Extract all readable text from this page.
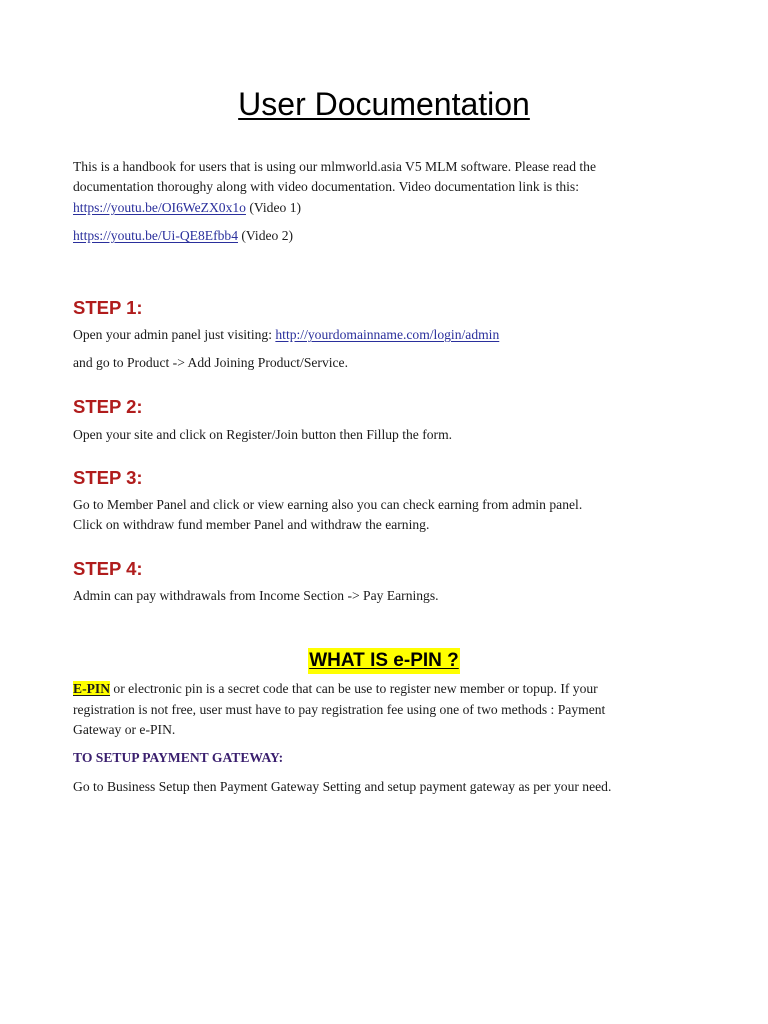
User Documentation
This is a handbook for users that is using our mlmworld.asia V5 MLM software. Please read the
documentation thoroughy along with video documentation. Video documentation link is this:
https://youtu.be/OI6WeZX0x1o (Video 1)
https://youtu.be/Ui-QE8Efbb4 (Video 2)
STEP 1:
Open your admin panel just visiting: http://yourdomainname.com/login/admin
and go to Product -> Add Joining Product/Service.
STEP 2:
Open your site and click on Register/Join button then Fillup the form.
STEP 3:
Go to Member Panel and click or view earning also you can check earning from admin panel.
Click on withdraw fund member Panel and withdraw the earning.
STEP 4:
Admin can pay withdrawals from Income Section -> Pay Earnings.
WHAT IS e-PIN ?
E-PIN or electronic pin is a secret code that can be use to register new member or topup. If your
registration is not free, user must have to pay registration fee using one of two methods : Payment
Gateway or e-PIN.
TO SETUP PAYMENT GATEWAY:
Go to Business Setup then Payment Gateway Setting and setup payment gateway as per your need.
